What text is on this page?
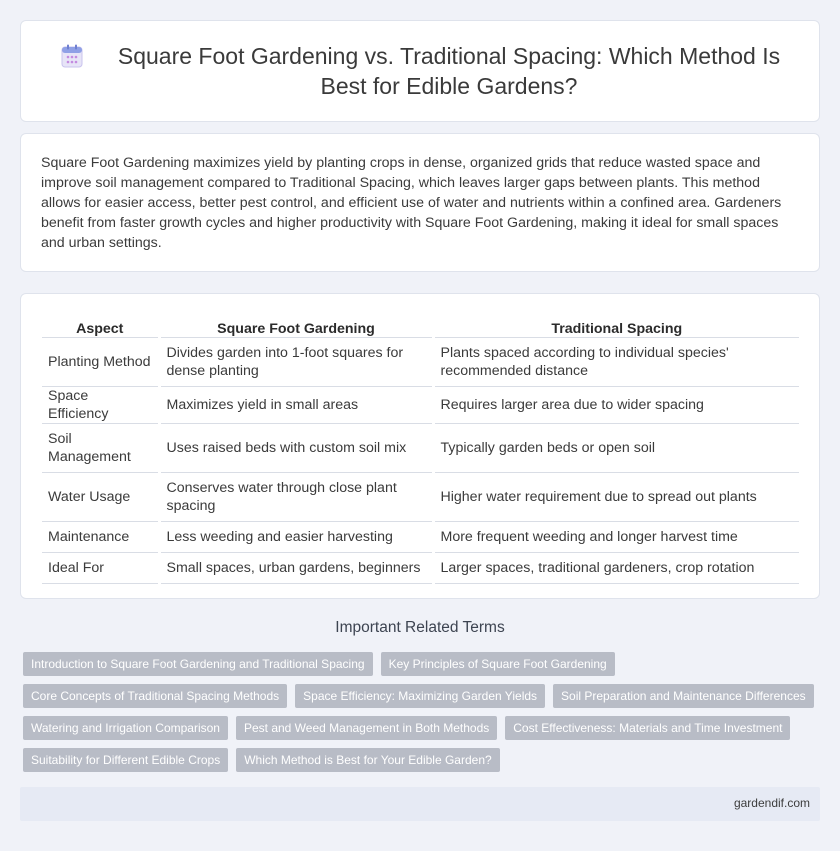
Square Foot Gardening vs. Traditional Spacing: Which Method Is Best for Edible Gardens?

Square Foot Gardening maximizes yield by planting crops in dense, organized grids that reduce wasted space and improve soil management compared to Traditional Spacing, which leaves larger gaps between plants. This method allows for easier access, better pest control, and efficient use of water and nutrients within a confined area. Gardeners benefit from faster growth cycles and higher productivity with Square Foot Gardening, making it ideal for small spaces and urban settings.

Aspect	Square Foot Gardening	Traditional Spacing
Planting Method	Divides garden into 1-foot squares for dense planting	Plants spaced according to individual species' recommended distance
Space Efficiency	Maximizes yield in small areas	Requires larger area due to wider spacing
Soil Management	Uses raised beds with custom soil mix	Typically garden beds or open soil
Water Usage	Conserves water through close plant spacing	Higher water requirement due to spread out plants
Maintenance	Less weeding and easier harvesting	More frequent weeding and longer harvest time
Ideal For	Small spaces, urban gardens, beginners	Larger spaces, traditional gardeners, crop rotation
Important Related Terms
Introduction to Square Foot Gardening and Traditional Spacing	Key Principles of Square Foot Gardening
Core Concepts of Traditional Spacing Methods	Space Efficiency: Maximizing Garden Yields	Soil Preparation and Maintenance Differences
Watering and Irrigation Comparison	Pest and Weed Management in Both Methods	Cost Effectiveness: Materials and Time Investment
Suitability for Different Edible Crops	Which Method is Best for Your Edible Garden?
gardendif.com
